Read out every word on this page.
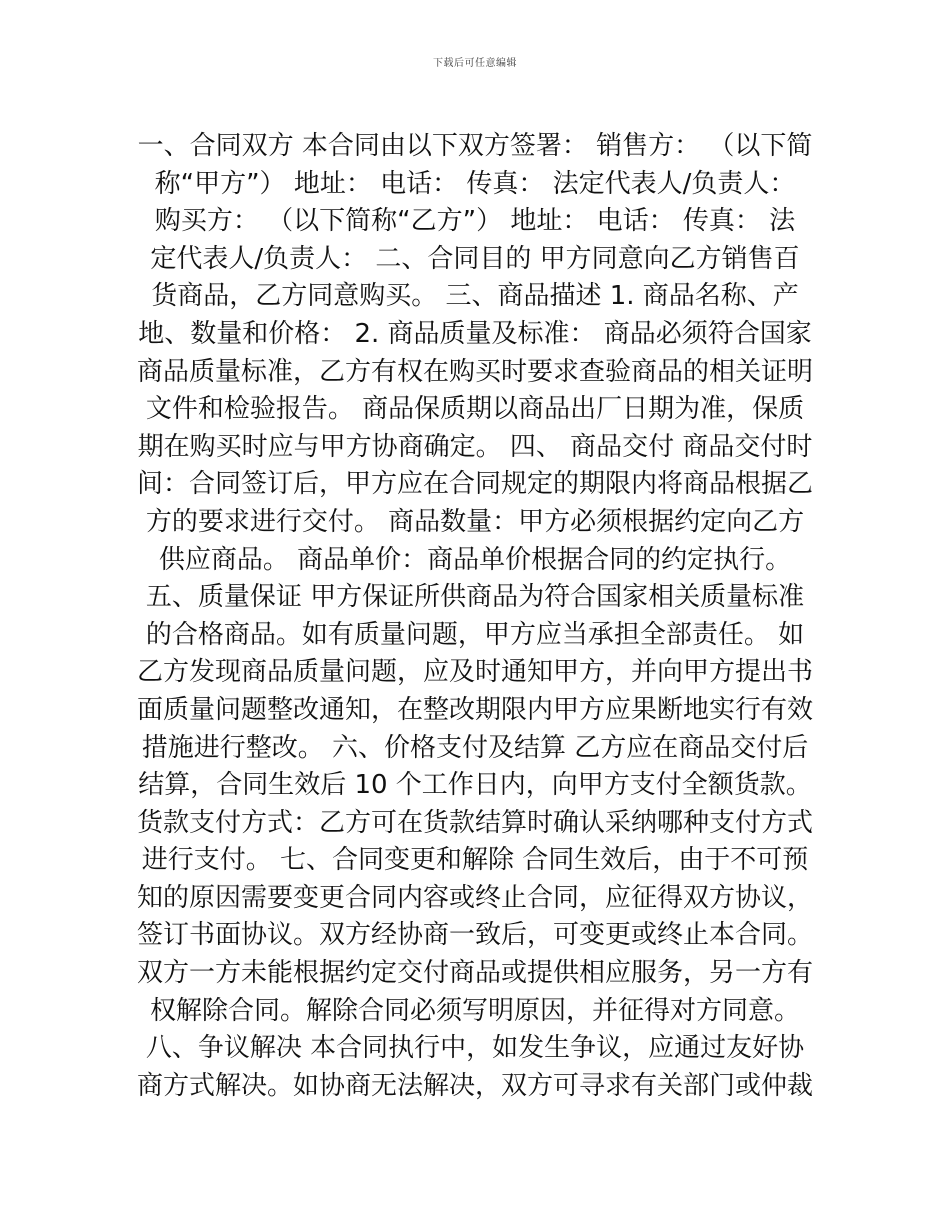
下载后可任意编辑
一、合同双方 本合同由以下双方签署： 销售方： （以下简
称“甲方”） 地址： 电话： 传真： 法定代表人/负责人：
购买方： （以下简称“乙方”） 地址： 电话： 传真： 法
定代表人/负责人： 二、合同目的 甲方同意向乙方销售百
货商品，乙方同意购买。 三、商品描述 1. 商品名称、产
地、数量和价格： 2. 商品质量及标准： 商品必须符合国家
商品质量标准，乙方有权在购买时要求查验商品的相关证明
文件和检验报告。 商品保质期以商品出厂日期为准，保质
期在购买时应与甲方协商确定。 四、 商品交付 商品交付时
间：合同签订后，甲方应在合同规定的期限内将商品根据乙
方的要求进行交付。 商品数量：甲方必须根据约定向乙方
供应商品。 商品单价：商品单价根据合同的约定执行。
五、质量保证 甲方保证所供商品为符合国家相关质量标准
的合格商品。如有质量问题，甲方应当承担全部责任。 如
乙方发现商品质量问题，应及时通知甲方，并向甲方提出书
面质量问题整改通知，在整改期限内甲方应果断地实行有效
措施进行整改。 六、价格支付及结算 乙方应在商品交付后
结算，合同生效后 10 个工作日内，向甲方支付全额货款。
货款支付方式：乙方可在货款结算时确认采纳哪种支付方式
进行支付。 七、合同变更和解除 合同生效后，由于不可预
知的原因需要变更合同内容或终止合同，应征得双方协议，
签订书面协议。双方经协商一致后，可变更或终止本合同。
双方一方未能根据约定交付商品或提供相应服务，另一方有
权解除合同。解除合同必须写明原因，并征得对方同意。
八、争议解决 本合同执行中，如发生争议，应通过友好协
商方式解决。如协商无法解决，双方可寻求有关部门或仲裁
